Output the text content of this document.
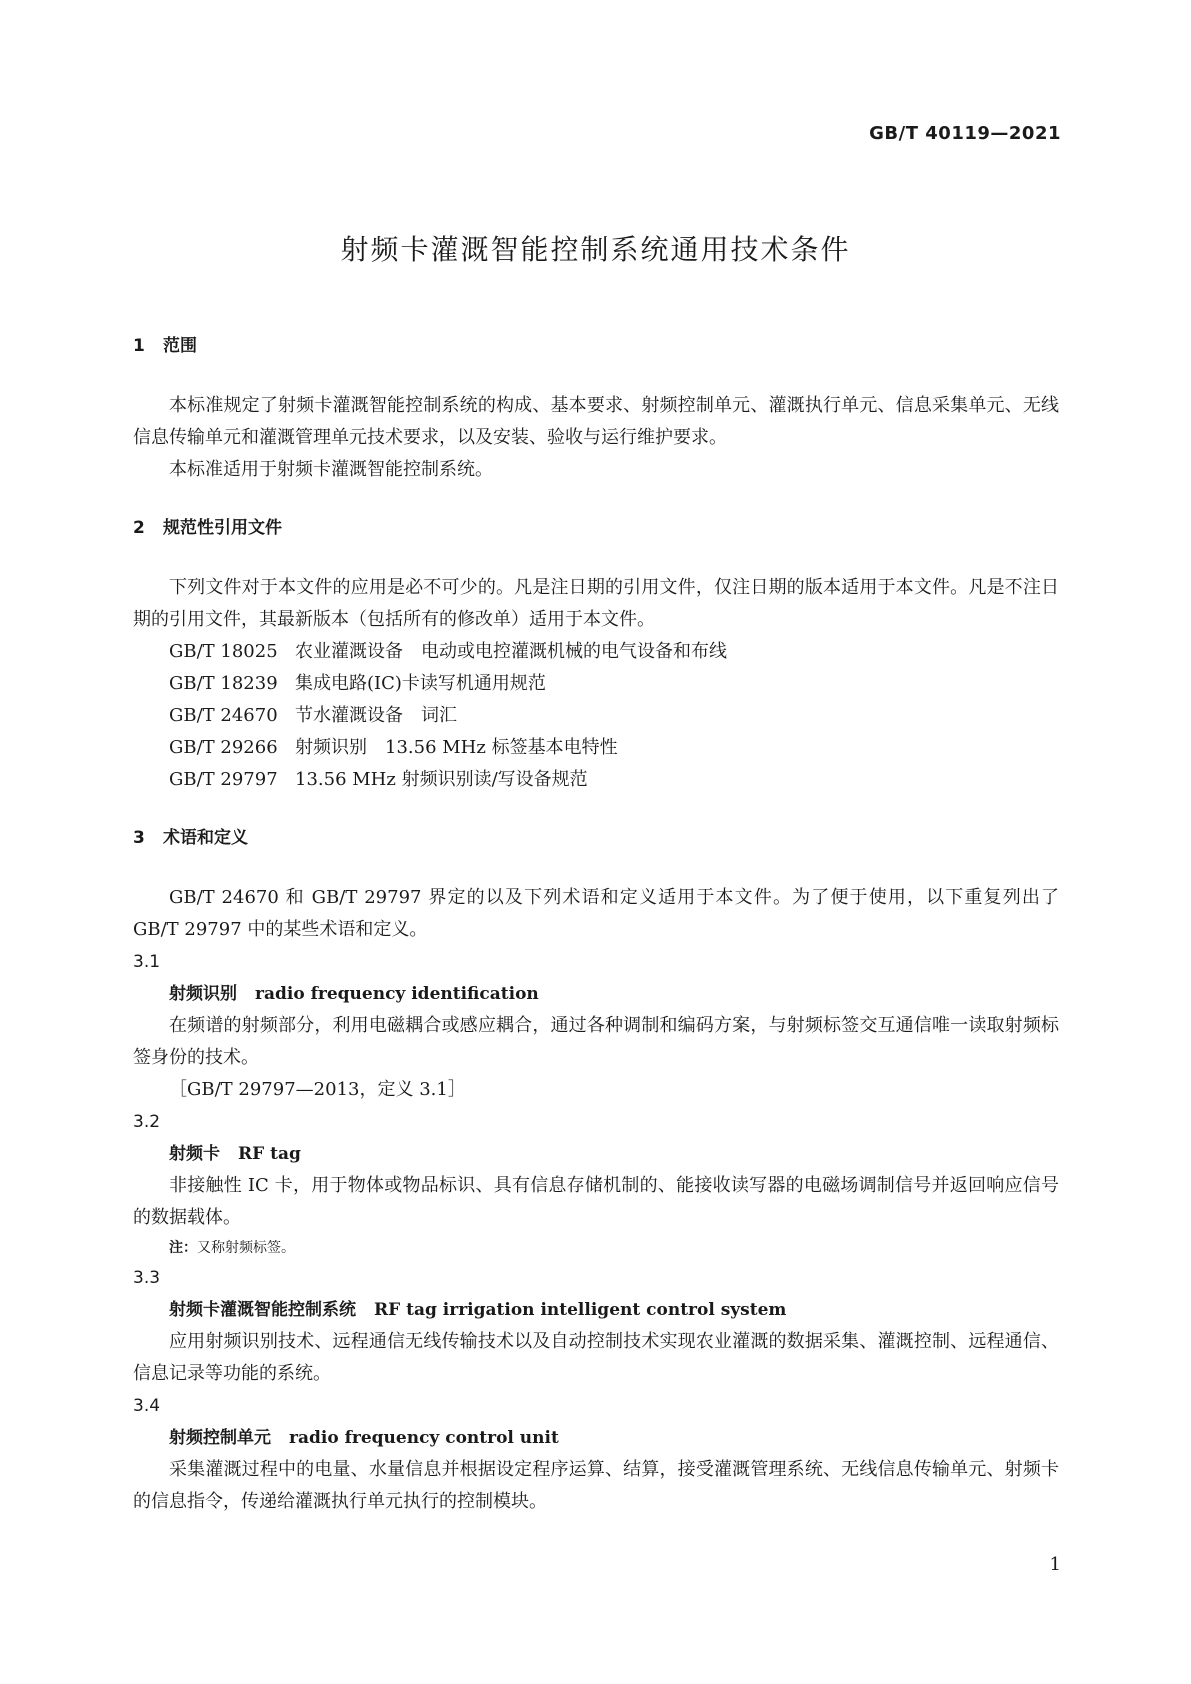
GB/T 40119—2021
射频卡灌溉智能控制系统通用技术条件
1 范围

本标准规定了射频卡灌溉智能控制系统的构成、基本要求、射频控制单元、灌溉执行单元、信息采集单元、无线信息传输单元和灌溉管理单元技术要求，以及安装、验收与运行维护要求。

本标准适用于射频卡灌溉智能控制系统。

2 规范性引用文件

下列文件对于本文件的应用是必不可少的。凡是注日期的引用文件，仅注日期的版本适用于本文件。凡是不注日期的引用文件，其最新版本（包括所有的修改单）适用于本文件。

GB/T 18025 农业灌溉设备　电动或电控灌溉机械的电气设备和布线

GB/T 18239 集成电路(IC)卡读写机通用规范

GB/T 24670 节水灌溉设备　词汇

GB/T 29266 射频识别　13.56 MHz 标签基本电特性

GB/T 29797 13.56 MHz 射频识别读/写设备规范

3 术语和定义

GB/T 24670 和 GB/T 29797 界定的以及下列术语和定义适用于本文件。为了便于使用，以下重复列出了 GB/T 29797 中的某些术语和定义。

3.1

射频识别 radio frequency identification

在频谱的射频部分，利用电磁耦合或感应耦合，通过各种调制和编码方案，与射频标签交互通信唯一读取射频标签身份的技术。

［GB/T 29797—2013，定义 3.1］

3.2

射频卡 RF tag

非接触性 IC 卡，用于物体或物品标识、具有信息存储机制的、能接收读写器的电磁场调制信号并返回响应信号的数据载体。

注：又称射频标签。

3.3

射频卡灌溉智能控制系统 RF tag irrigation intelligent control system

应用射频识别技术、远程通信无线传输技术以及自动控制技术实现农业灌溉的数据采集、灌溉控制、远程通信、信息记录等功能的系统。

3.4

射频控制单元 radio frequency control unit

采集灌溉过程中的电量、水量信息并根据设定程序运算、结算，接受灌溉管理系统、无线信息传输单元、射频卡的信息指令，传递给灌溉执行单元执行的控制模块。

1
